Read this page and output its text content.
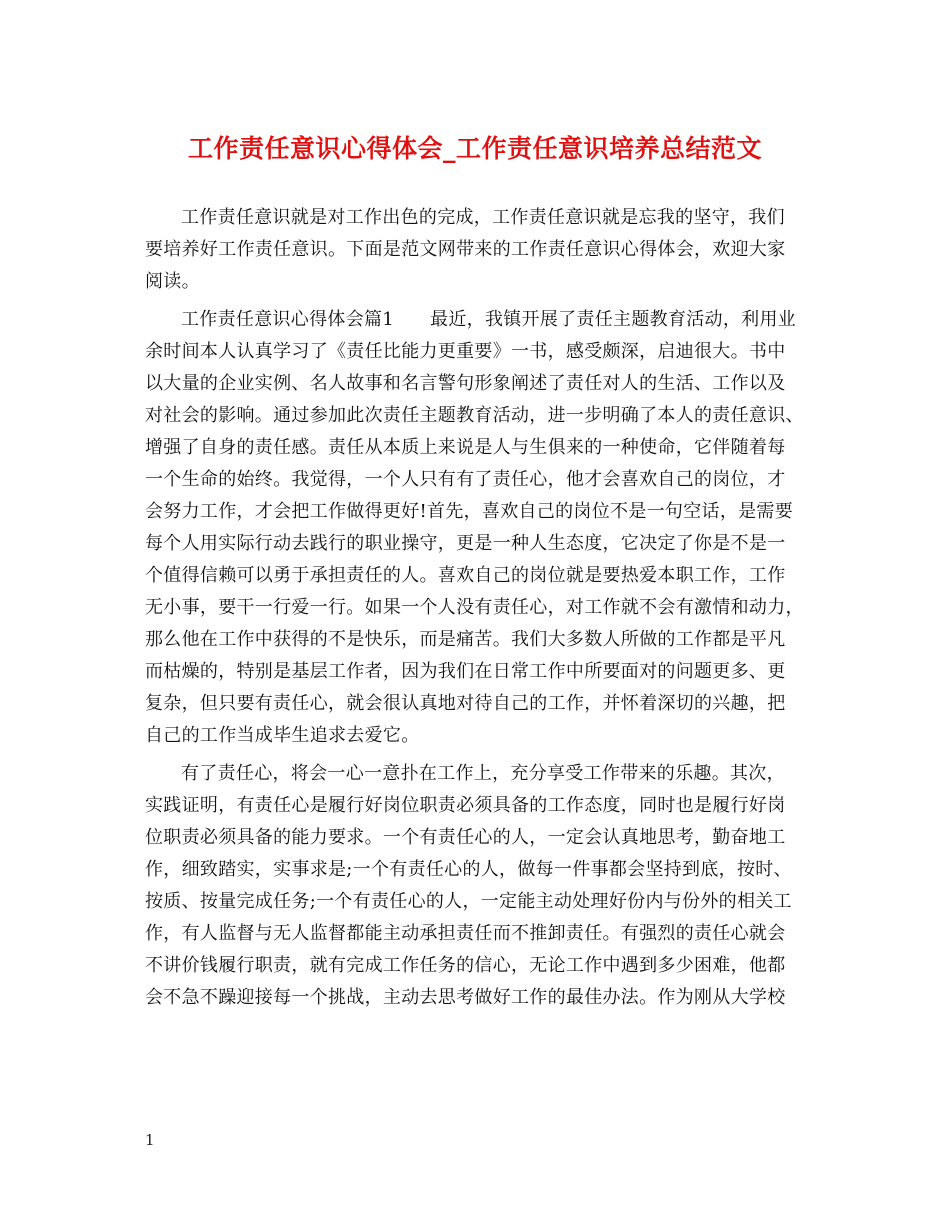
工作责任意识心得体会_工作责任意识培养总结范文
工作责任意识就是对工作出色的完成，工作责任意识就是忘我的坚守，我们
要培养好工作责任意识。下面是范文网带来的工作责任意识心得体会，欢迎大家
阅读。
工作责任意识心得体会篇1 最近，我镇开展了责任主题教育活动，利用业
余时间本人认真学习了《责任比能力更重要》一书，感受颇深，启迪很大。书中
以大量的企业实例、名人故事和名言警句形象阐述了责任对人的生活、工作以及
对社会的影响。通过参加此次责任主题教育活动，进一步明确了本人的责任意识、
增强了自身的责任感。责任从本质上来说是人与生俱来的一种使命，它伴随着每
一个生命的始终。我觉得，一个人只有有了责任心，他才会喜欢自己的岗位，才
会努力工作，才会把工作做得更好!首先，喜欢自己的岗位不是一句空话，是需要
每个人用实际行动去践行的职业操守，更是一种人生态度，它决定了你是不是一
个值得信赖可以勇于承担责任的人。喜欢自己的岗位就是要热爱本职工作，工作
无小事，要干一行爱一行。如果一个人没有责任心，对工作就不会有激情和动力，
那么他在工作中获得的不是快乐，而是痛苦。我们大多数人所做的工作都是平凡
而枯燥的，特别是基层工作者，因为我们在日常工作中所要面对的问题更多、更
复杂，但只要有责任心，就会很认真地对待自己的工作，并怀着深切的兴趣，把
自己的工作当成毕生追求去爱它。
有了责任心，将会一心一意扑在工作上，充分享受工作带来的乐趣。其次，
实践证明，有责任心是履行好岗位职责必须具备的工作态度，同时也是履行好岗
位职责必须具备的能力要求。一个有责任心的人，一定会认真地思考，勤奋地工
作，细致踏实，实事求是;一个有责任心的人，做每一件事都会坚持到底，按时、
按质、按量完成任务;一个有责任心的人，一定能主动处理好份内与份外的相关工
作，有人监督与无人监督都能主动承担责任而不推卸责任。有强烈的责任心就会
不讲价钱履行职责，就有完成工作任务的信心，无论工作中遇到多少困难，他都
会不急不躁迎接每一个挑战，主动去思考做好工作的最佳办法。作为刚从大学校
1
